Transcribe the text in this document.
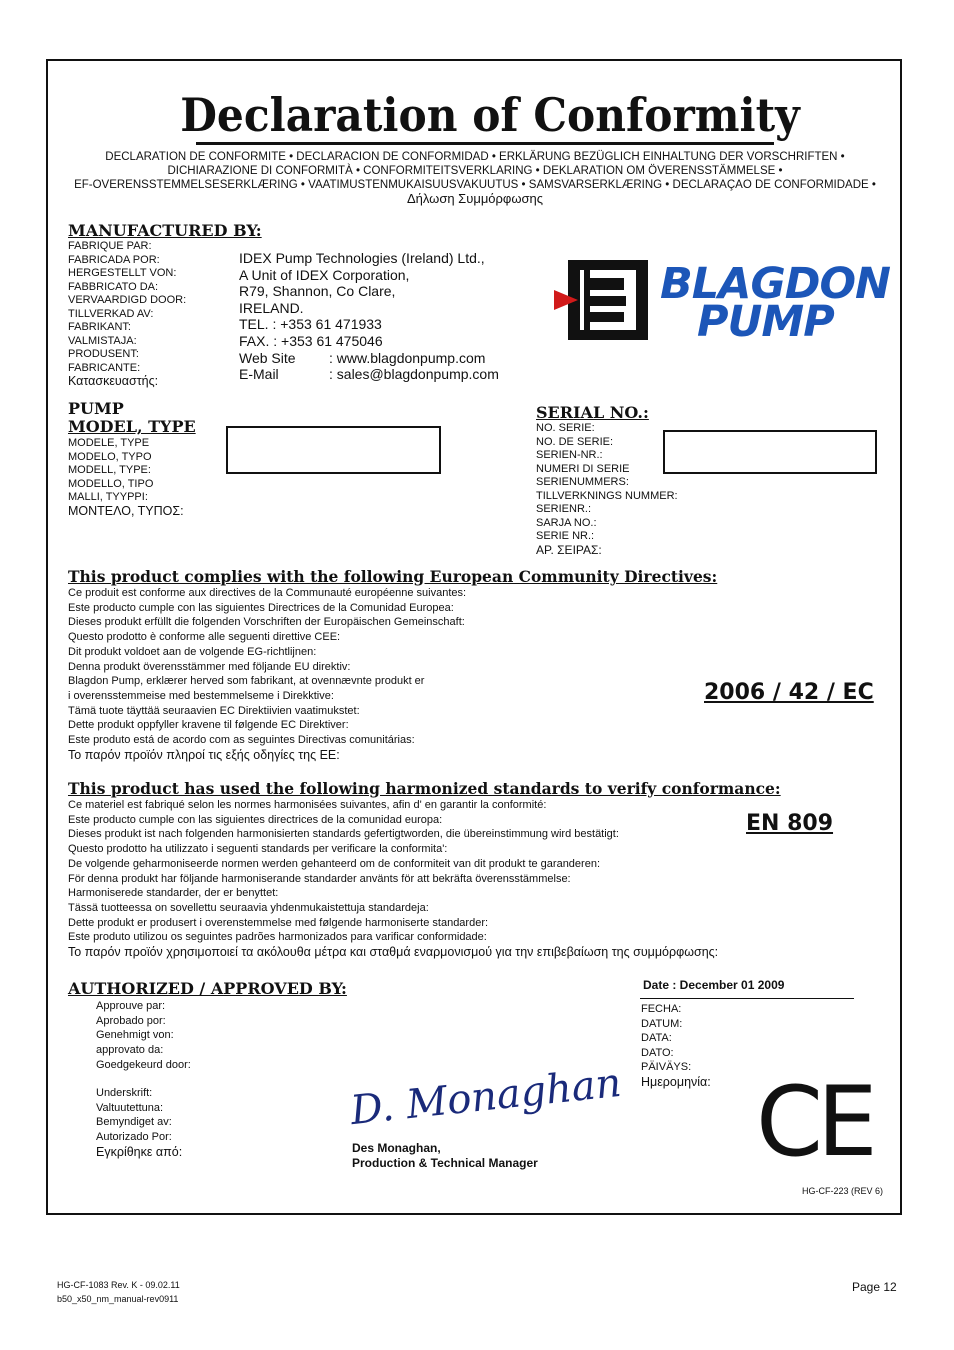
Declaration of Conformity
DECLARATION DE CONFORMITE • DECLARACION DE CONFORMIDAD • ERKLÄRUNG BEZÜGLICH EINHALTUNG DER VORSCHRIFTEN •
DICHIARAZIONE DI CONFORMITÀ • CONFORMITEITSVERKLARING • DEKLARATION OM ÖVERENSSTÄMMELSE •
EF-OVERENSSTEMMELSESERKLÆRING • VAATIMUSTENMUKAISUUSVAKUUTUS • SAMSVARSERKLÆRING • DECLARAÇAO DE CONFORMIDADE •
Δήλωση Συμμόρφωσης
MANUFACTURED BY:
FABRIQUE PAR:
FABRICADA POR:
HERGESTELLT VON:
FABBRICATO DA:
VERVAARDIGD DOOR:
TILLVERKAD AV:
FABRIKANT:
VALMISTAJA:
PRODUSENT:
FABRICANTE:
Κατασκευαστής:
IDEX Pump Technologies (Ireland) Ltd.,
A Unit of IDEX Corporation,
R79, Shannon, Co Clare,
IRELAND.
TEL. : +353 61 471933
FAX. : +353 61 475046
Web Site	: www.blagdonpump.com
E-Mail	: sales@blagdonpump.com
BLAGDON
PUMP
PUMP
MODEL, TYPE
MODELE, TYPE
MODELO, TYPO
MODELL, TYPE:
MODELLO, TIPO
MALLI, TYYPPI:
ΜΟΝΤΕΛΟ, ΤΥΠΟΣ:
SERIAL NO.:
NO. SERIE:
NO. DE SERIE:
SERIEN-NR.:
NUMERI DI SERIE
SERIENUMMERS:
TILLVERKNINGS NUMMER:
SERIENR.:
SARJA NO.:
SERIE NR.:
ΑΡ. ΣΕΙΡΑΣ:
This product complies with the following European Community Directives:
Ce produit est conforme aux directives de la Communauté européenne suivantes:
Este producto cumple con las siguientes Directrices de la Comunidad Europea:
Dieses produkt erfüllt die folgenden Vorschriften der Europäischen Gemeinschaft:
Questo prodotto è conforme alle seguenti direttive CEE:
Dit produkt voldoet aan de volgende EG-richtlijnen:
Denna produkt överensstämmer med följande EU direktiv:
Blagdon Pump, erklærer herved som fabrikant, at ovennævnte produkt er
i overensstemmeise med bestemmelseme i Direkktive:
Tämä tuote täyttää seuraavien EC Direktiivien vaatimukstet:
Dette produkt oppfyller kravene til følgende EC Direktiver:
Este produto está de acordo com as seguintes Directivas comunitárias:
Το παρόν προϊόν πληροί τις εξής οδηγίες της ΕΕ:
2006 / 42 / EC
This product has used the following harmonized standards to verify conformance:
Ce materiel est fabriqué selon les normes harmonisées suivantes, afin d' en garantir la conformité:
Este producto cumple con las siguientes directrices de la comunidad europa:
Dieses produkt ist nach folgenden harmonisierten standards gefertigtworden, die übereinstimmung wird bestätigt:
Questo prodotto ha utilizzato i seguenti standards per verificare la conformita':
De volgende geharmoniseerde normen werden gehanteerd om de conformiteit van dit produkt te garanderen:
För denna produkt har följande harmoniserande standarder använts för att bekräfta överensstämmelse:
Harmoniserede standarder, der er benyttet:
Tässä tuotteessa on sovellettu seuraavia yhdenmukaistettuja standardeja:
Dette produkt er produsert i overenstemmelse med følgende harmoniserte standarder:
Este produto utilizou os seguintes padrões harmonizados para varificar conformidade:
Το παρόν προϊόν χρησιμοποιεί τα ακόλουθα μέτρα και σταθμά εναρμονισμού για την επιβεβαίωση της συμμόρφωσης:
EN 809
AUTHORIZED / APPROVED BY:
Approuve par:
Aprobado por:
Genehmigt von:
approvato da:
Goedgekeurd door:
Underskrift:
Valtuutettuna:
Bemyndiget av:
Autorizado Por:
Εγκρίθηκε από:
D. Monaghan
Des Monaghan,
Production & Technical Manager
Date : December 01 2009
FECHA:
DATUM:
DATA:
DATO:
PÄIVÄYS:
Ημερομηνία: CE
HG-CF-223 (REV 6)
HG-CF-1083 Rev. K - 09.02.11
b50_x50_nm_manual-rev0911
Page 12
